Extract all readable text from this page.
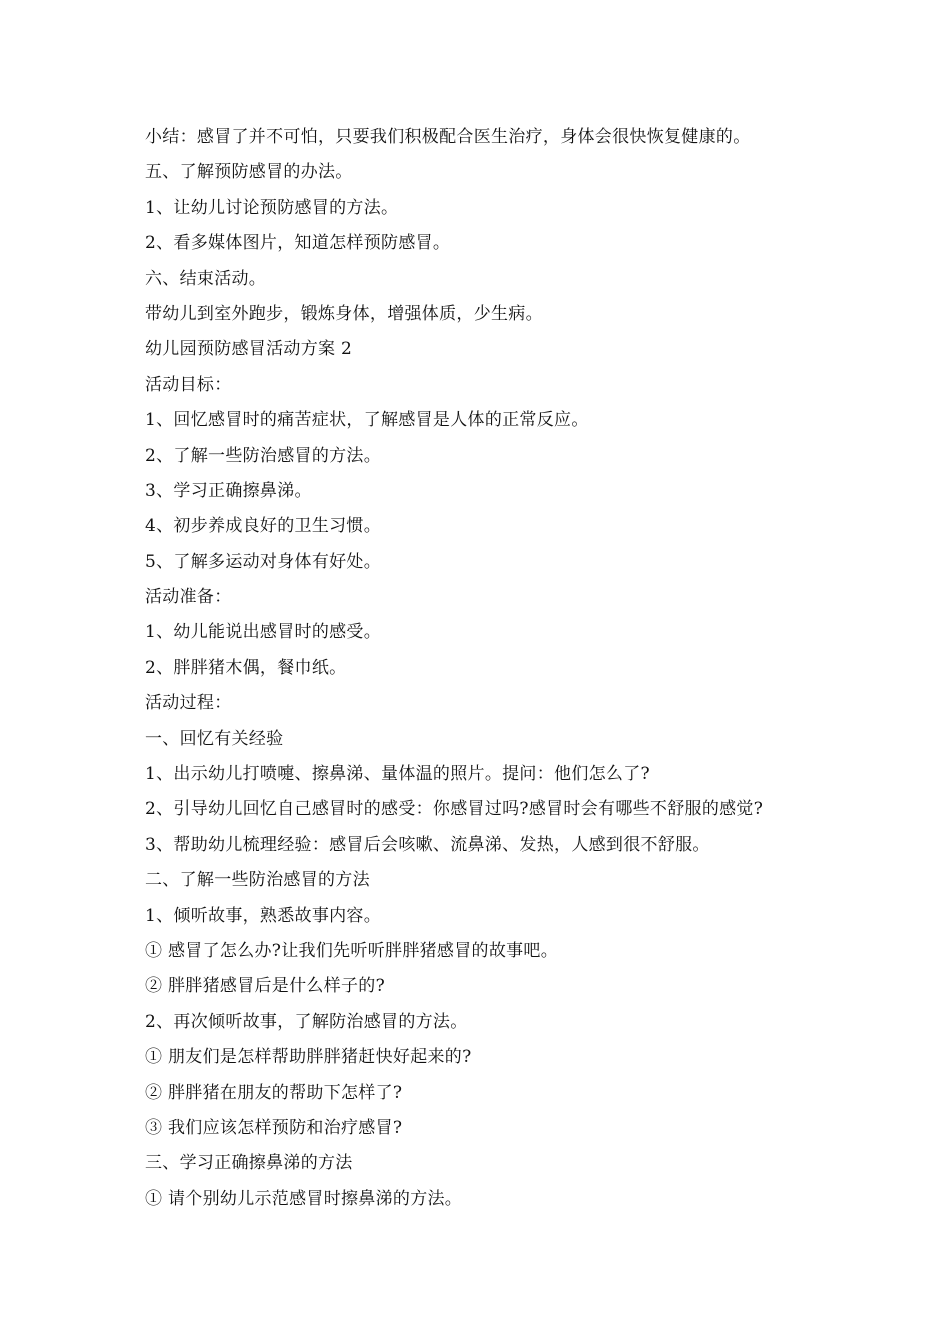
小结：感冒了并不可怕，只要我们积极配合医生治疗，身体会很快恢复健康的。
五、了解预防感冒的办法。
1、让幼儿讨论预防感冒的方法。
2、看多媒体图片，知道怎样预防感冒。
六、结束活动。
带幼儿到室外跑步，锻炼身体，增强体质，少生病。
幼儿园预防感冒活动方案 2
活动目标：
1、回忆感冒时的痛苦症状，了解感冒是人体的正常反应。
2、了解一些防治感冒的方法。
3、学习正确擦鼻涕。
4、初步养成良好的卫生习惯。
5、了解多运动对身体有好处。
活动准备：
1、幼儿能说出感冒时的感受。
2、胖胖猪木偶，餐巾纸。
活动过程：
一、回忆有关经验
1、出示幼儿打喷嚏、擦鼻涕、量体温的照片。提问：他们怎么了?
2、引导幼儿回忆自己感冒时的感受：你感冒过吗?感冒时会有哪些不舒服的感觉?
3、帮助幼儿梳理经验：感冒后会咳嗽、流鼻涕、发热，人感到很不舒服。
二、了解一些防治感冒的方法
1、倾听故事，熟悉故事内容。
① 感冒了怎么办?让我们先听听胖胖猪感冒的故事吧。
② 胖胖猪感冒后是什么样子的?
2、再次倾听故事，了解防治感冒的方法。
① 朋友们是怎样帮助胖胖猪赶快好起来的?
② 胖胖猪在朋友的帮助下怎样了?
③ 我们应该怎样预防和治疗感冒?
三、学习正确擦鼻涕的方法
① 请个别幼儿示范感冒时擦鼻涕的方法。
